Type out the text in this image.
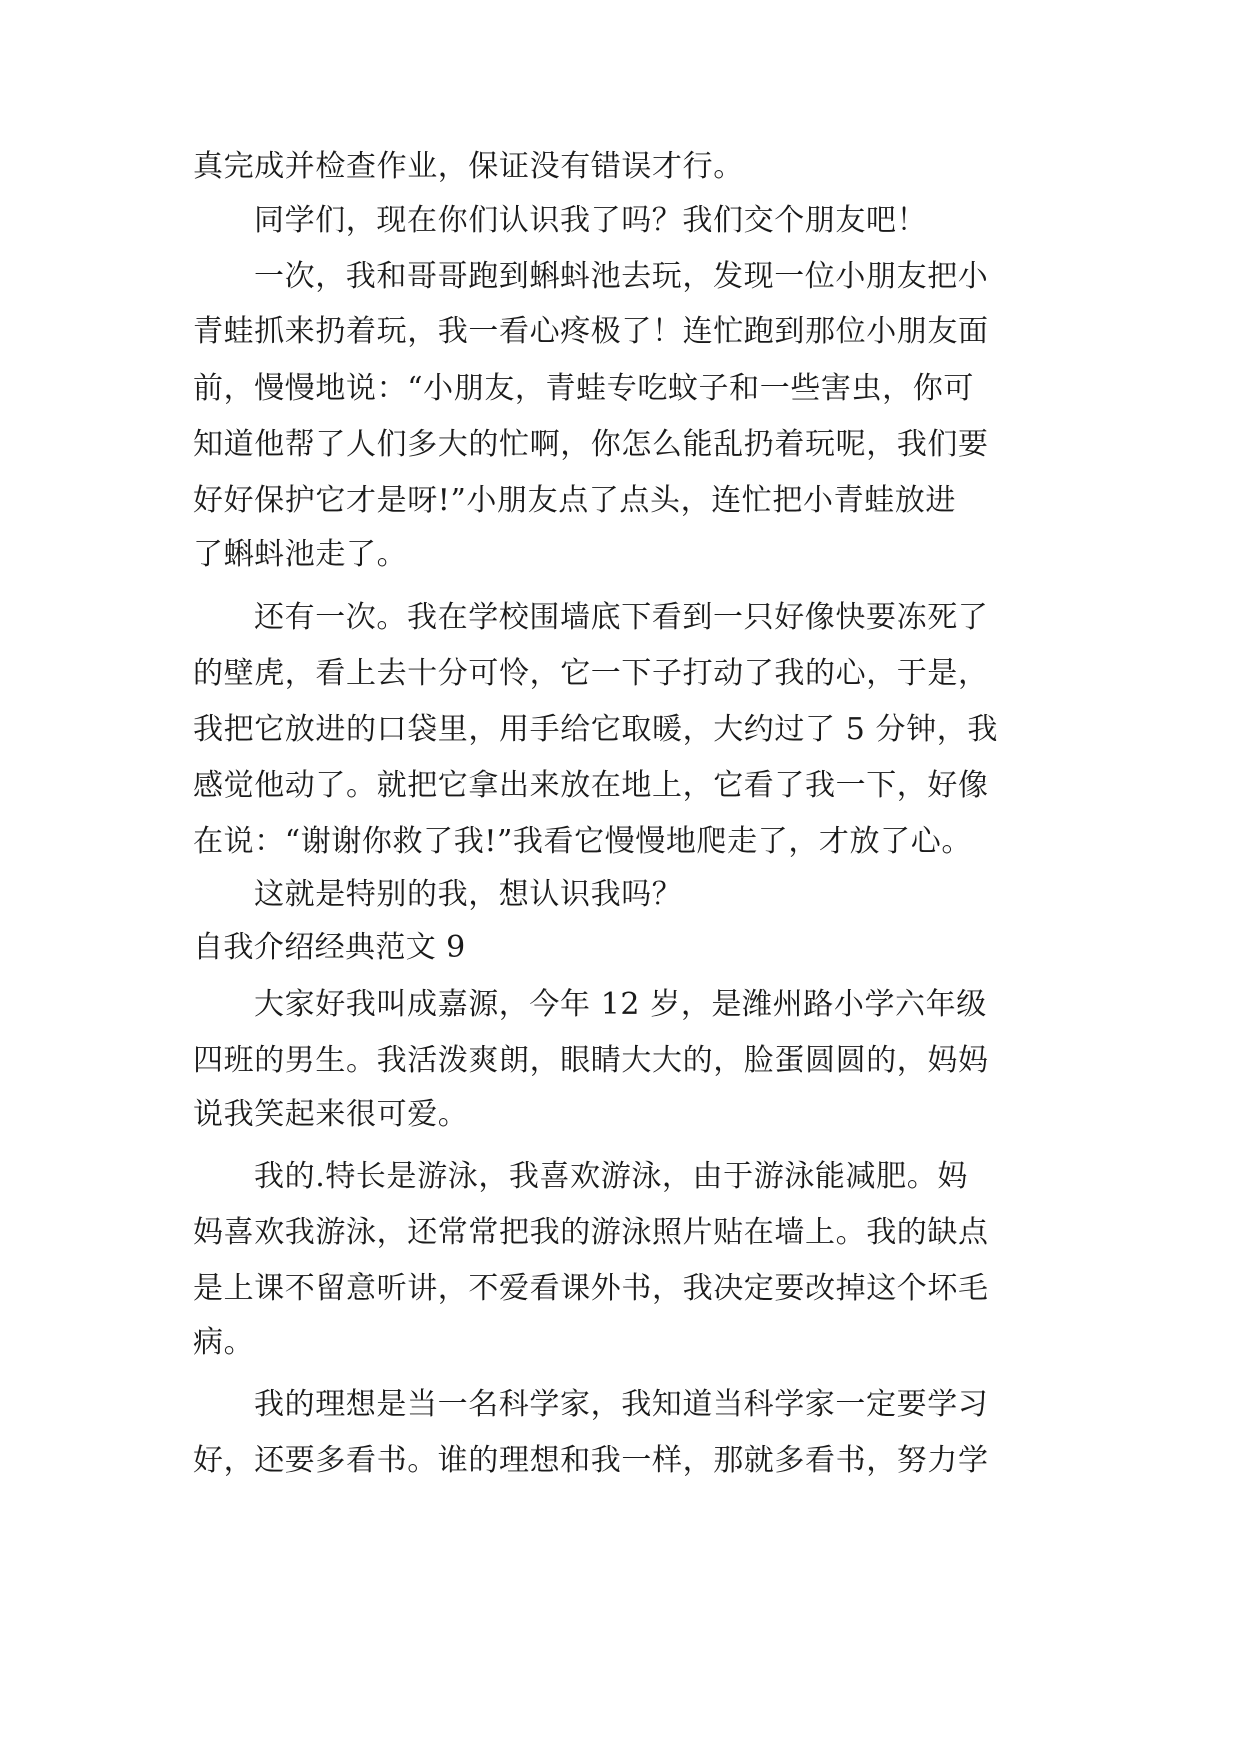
真完成并检查作业，保证没有错误才行。
同学们，现在你们认识我了吗？我们交个朋友吧！
一次，我和哥哥跑到蝌蚪池去玩，发现一位小朋友把小
青蛙抓来扔着玩，我一看心疼极了！连忙跑到那位小朋友面
前，慢慢地说：“小朋友，青蛙专吃蚊子和一些害虫，你可
知道他帮了人们多大的忙啊，你怎么能乱扔着玩呢，我们要
好好保护它才是呀!”小朋友点了点头，连忙把小青蛙放进
了蝌蚪池走了。
还有一次。我在学校围墙底下看到一只好像快要冻死了
的壁虎，看上去十分可怜，它一下子打动了我的心，于是，
我把它放进的口袋里，用手给它取暖，大约过了 5 分钟，我
感觉他动了。就把它拿出来放在地上，它看了我一下，好像
在说：“谢谢你救了我!”我看它慢慢地爬走了，才放了心。
这就是特别的我，想认识我吗？
自我介绍经典范文 9
大家好我叫成嘉源，今年 12 岁，是潍州路小学六年级
四班的男生。我活泼爽朗，眼睛大大的，脸蛋圆圆的，妈妈
说我笑起来很可爱。
我的.特长是游泳，我喜欢游泳，由于游泳能减肥。妈
妈喜欢我游泳，还常常把我的游泳照片贴在墙上。我的缺点
是上课不留意听讲，不爱看课外书，我决定要改掉这个坏毛
病。
我的理想是当一名科学家，我知道当科学家一定要学习
好，还要多看书。谁的理想和我一样，那就多看书，努力学
